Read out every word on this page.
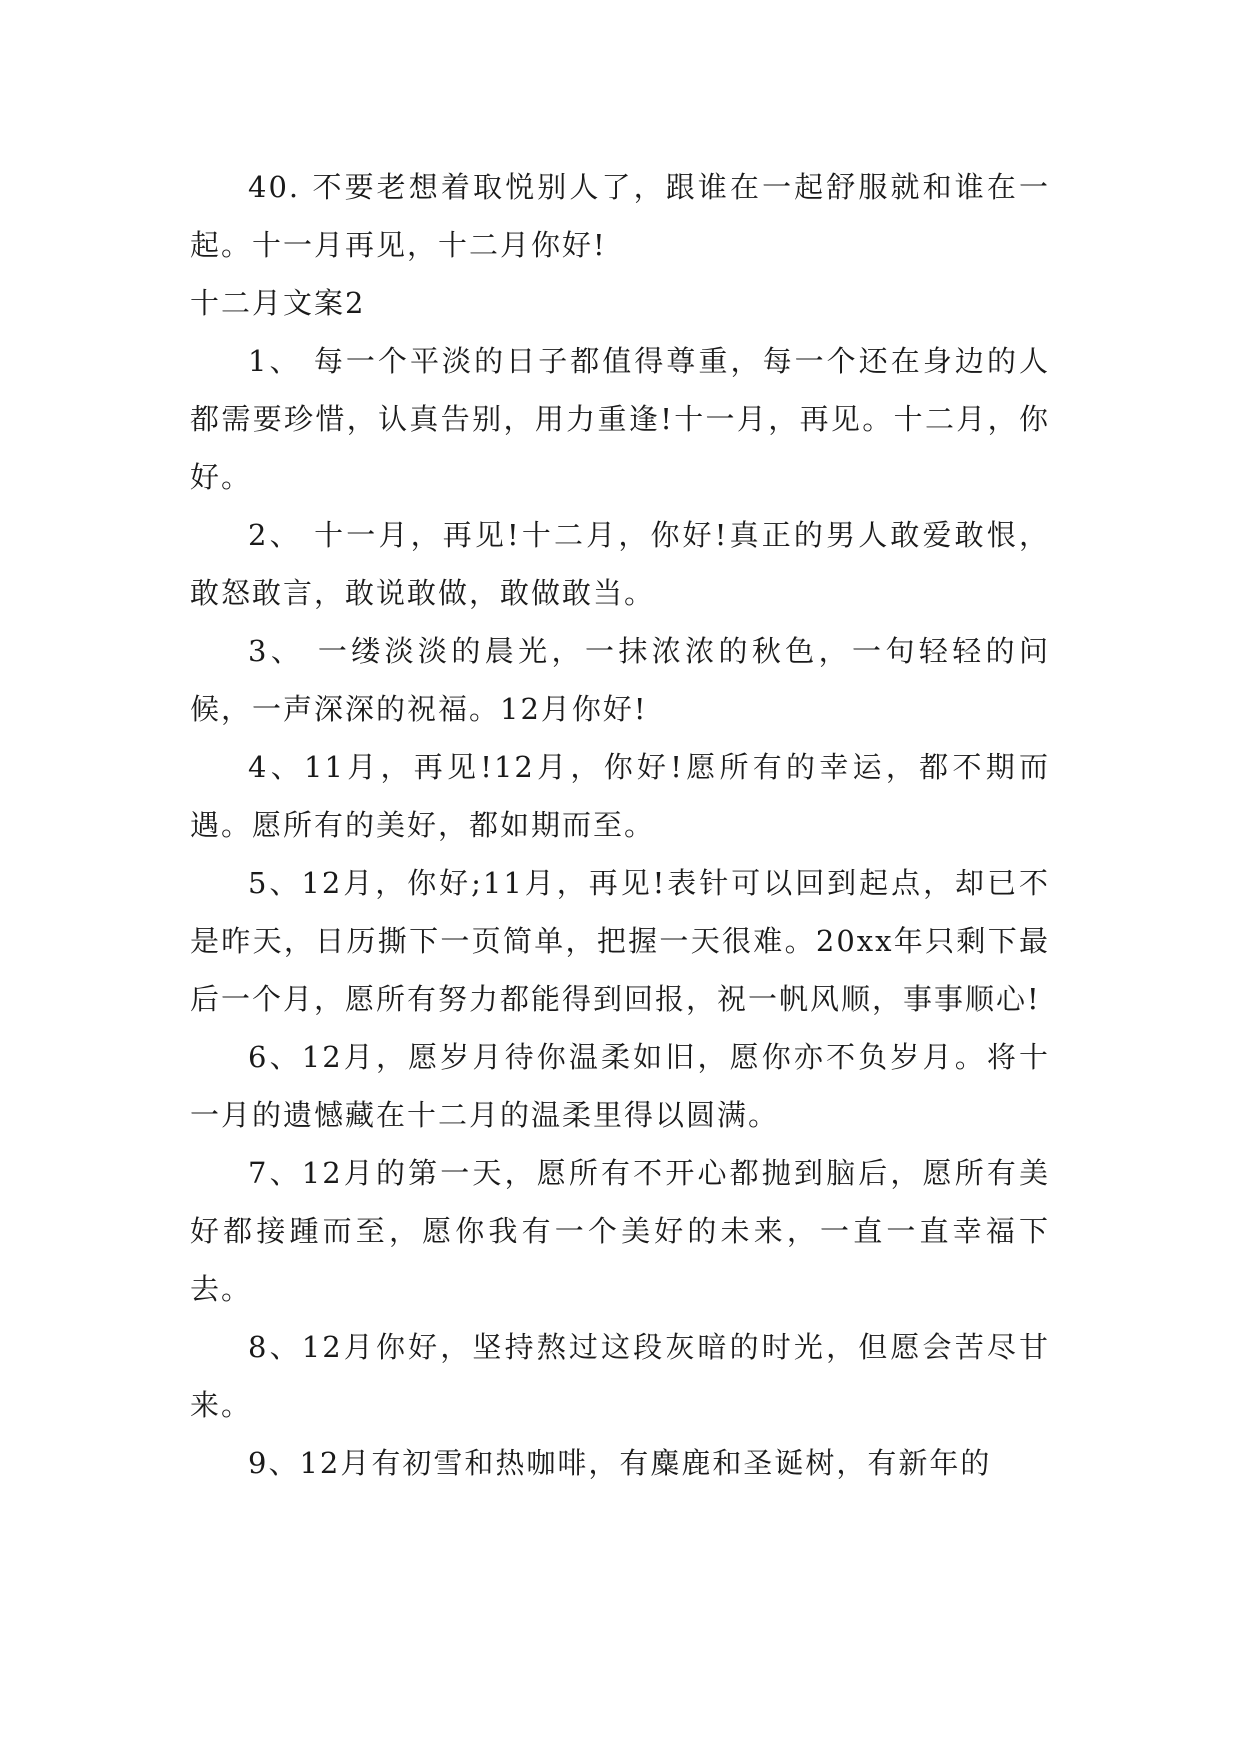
40. 不要老想着取悦别人了，跟谁在一起舒服就和谁在一起。十一月再见，十二月你好!

十二月文案2

1、 每一个平淡的日子都值得尊重，每一个还在身边的人都需要珍惜，认真告别，用力重逢!十一月，再见。十二月，你好。

2、 十一月，再见!十二月，你好!真正的男人敢爱敢恨，敢怒敢言，敢说敢做，敢做敢当。

3、 一缕淡淡的晨光，一抹浓浓的秋色，一句轻轻的问候，一声深深的祝福。12月你好!

4、11月，再见!12月，你好!愿所有的幸运，都不期而遇。愿所有的美好，都如期而至。

5、12月，你好;11月，再见!表针可以回到起点，却已不是昨天，日历撕下一页简单，把握一天很难。20xx年只剩下最后一个月，愿所有努力都能得到回报，祝一帆风顺，事事顺心!

6、12月，愿岁月待你温柔如旧，愿你亦不负岁月。将十一月的遗憾藏在十二月的温柔里得以圆满。

7、12月的第一天，愿所有不开心都抛到脑后，愿所有美好都接踵而至，愿你我有一个美好的未来，一直一直幸福下去。

8、12月你好，坚持熬过这段灰暗的时光，但愿会苦尽甘来。

9、12月有初雪和热咖啡，有麋鹿和圣诞树，有新年的
